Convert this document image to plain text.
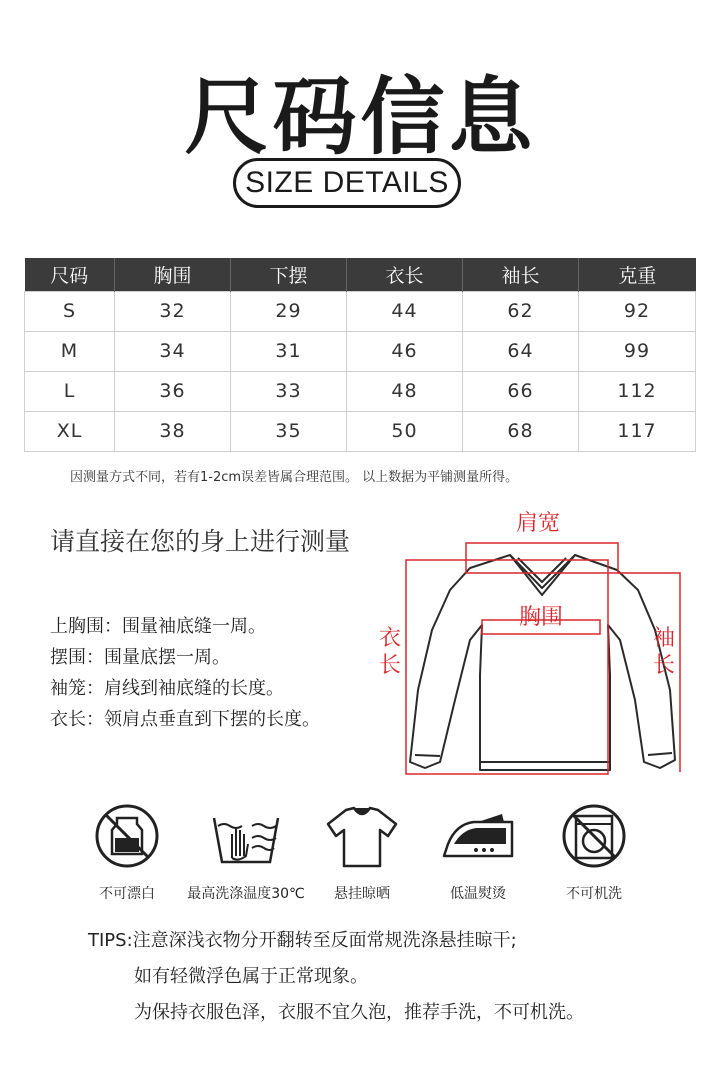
尺码信息
SIZE DETAILS
尺码	胸围	下摆	衣长	袖长	克重
S	32	29	44	62	92
M	34	31	46	64	99
L	36	33	48	66	112
XL	38	35	50	68	117
因测量方式不同，若有1-2cm误差皆属合理范围。 以上数据为平铺测量所得。
请直接在您的身上进行测量
上胸围：围量袖底缝一周。
摆围：围量底摆一周。
袖笼：肩线到袖底缝的长度。
衣长：领肩点垂直到下摆的长度。
肩宽
胸围
衣
长
袖
长
不可漂白	最高洗涤温度30℃	悬挂晾晒	低温熨烫	不可机洗
TIPS:注意深浅衣物分开翻转至反面常规洗涤悬挂晾干;
如有轻微浮色属于正常现象。
为保持衣服色泽，衣服不宜久泡，推荐手洗，不可机洗。
